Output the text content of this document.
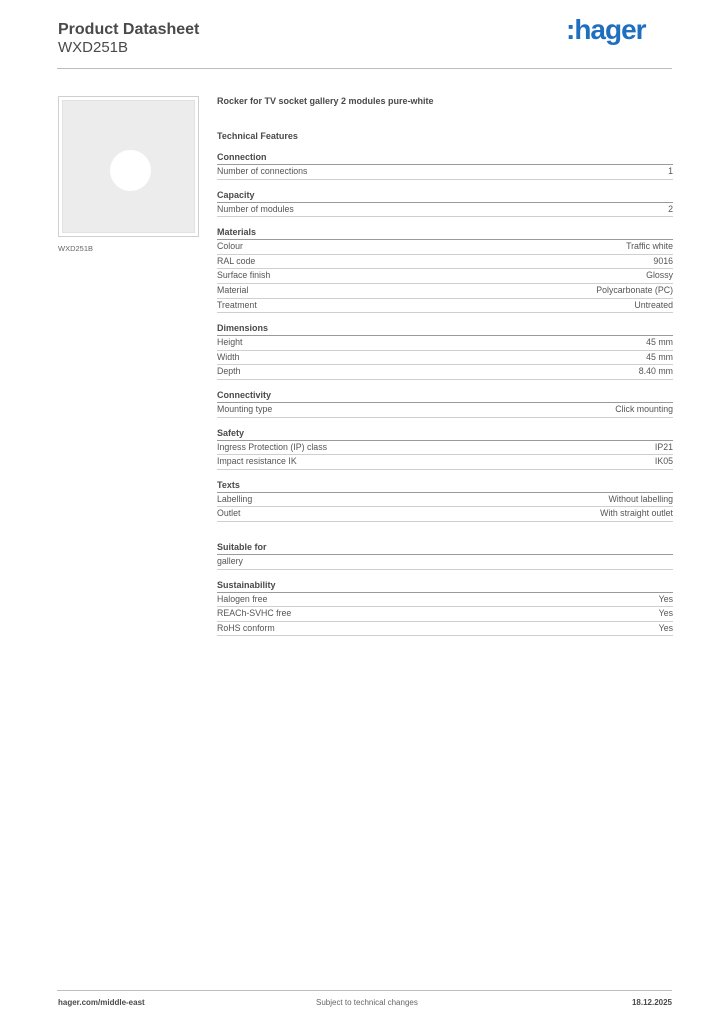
Product Datasheet
WXD251B
:hager
WXD251B
Rocker for TV socket gallery 2 modules pure-white
Technical Features
Connection
Number of connections	1
Capacity
Number of modules	2
Materials
Colour	Traffic white
RAL code	9016
Surface finish	Glossy
Material	Polycarbonate (PC)
Treatment	Untreated
Dimensions
Height	45 mm
Width	45 mm
Depth	8.40 mm
Connectivity
Mounting type	Click mounting
Safety
Ingress Protection (IP) class	IP21
Impact resistance IK	IK05
Texts
Labelling	Without labelling
Outlet	With straight outlet
Suitable for
gallery
Sustainability
Halogen free	Yes
REACh-SVHC free	Yes
RoHS conform	Yes
hager.com/middle-east	Subject to technical changes	18.12.2025
